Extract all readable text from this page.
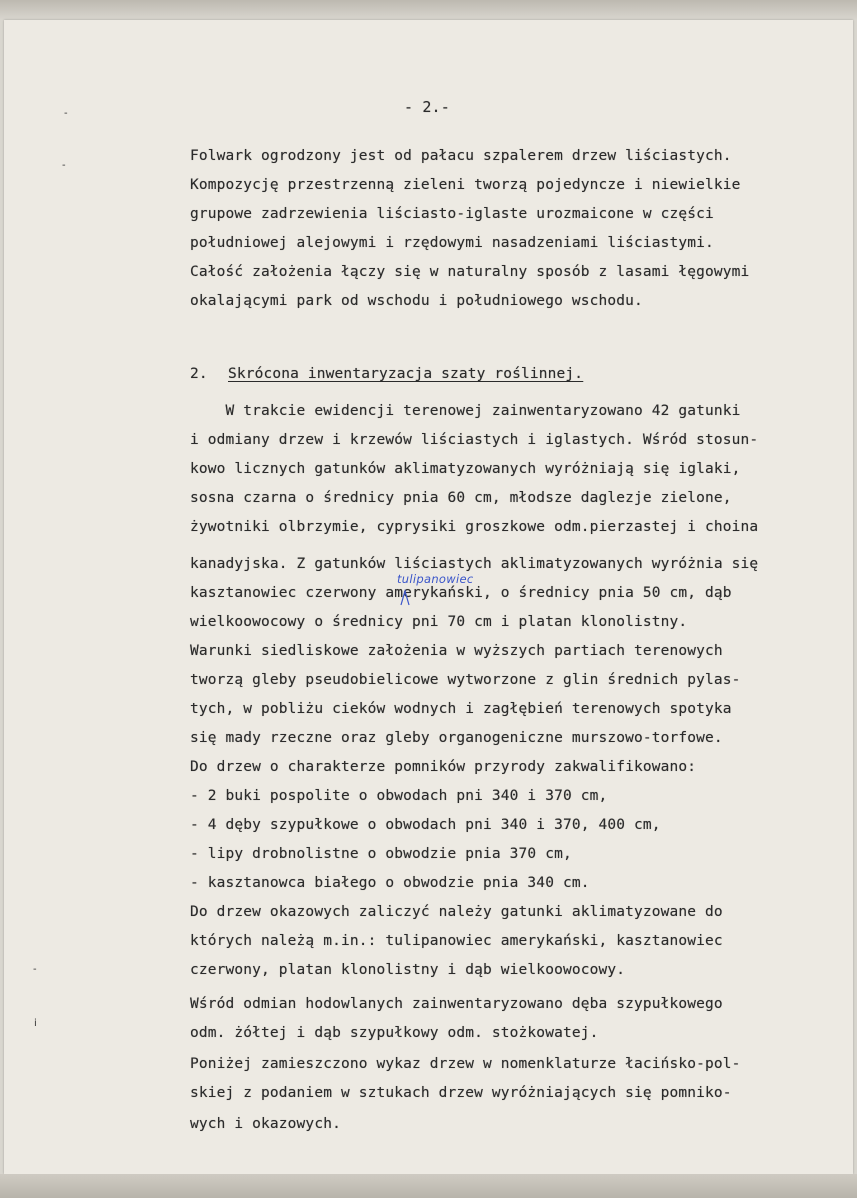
-
-
-
i
- 2.-
Folwark ogrodzony jest od pałacu szpalerem drzew liściastych.
Kompozycję przestrzenną zieleni tworzą pojedyncze i niewielkie
grupowe zadrzewienia liściasto-iglaste urozmaicone w części
południowej alejowymi i rzędowymi nasadzeniami liściastymi.
Całość założenia łączy się w naturalny sposób z lasami łęgowymi
okalającymi park od wschodu i południowego wschodu.
2. Skrócona inwentaryzacja szaty roślinnej.
W trakcie ewidencji terenowej zainwentaryzowano 42 gatunki
i odmiany drzew i krzewów liściastych i iglastych. Wśród stosun-
kowo licznych gatunków aklimatyzowanych wyróżniają się iglaki,
sosna czarna o średnicy pnia 60 cm, młodsze daglezje zielone,
żywotniki olbrzymie, cyprysiki groszkowe odm.pierzastej i choina
kanadyjska. Z gatunków liściastych aklimatyzowanych wyróżnia się
kasztanowiec czerwony amerykański, o średnicy pnia 50 cm, dąb
wielkoowocowy o średnicy pni 70 cm i platan klonolistny.
Warunki siedliskowe założenia w wyższych partiach terenowych
tworzą gleby pseudobielicowe wytworzone z glin średnich pylas-
tych, w pobliżu cieków wodnych i zagłębień terenowych spotyka
się mady rzeczne oraz gleby organogeniczne murszowo-torfowe.
Do drzew o charakterze pomników przyrody zakwalifikowano:
- 2 buki pospolite o obwodach pni 340 i 370 cm,
- 4 dęby szypułkowe o obwodach pni 340 i 370, 400 cm,
- lipy drobnolistne o obwodzie pnia 370 cm,
- kasztanowca białego o obwodzie pnia 340 cm.
Do drzew okazowych zaliczyć należy gatunki aklimatyzowane do
których należą m.in.: tulipanowiec amerykański, kasztanowiec
czerwony, platan klonolistny i dąb wielkoowocowy.
Wśród odmian hodowlanych zainwentaryzowano dęba szypułkowego
odm. żółtej i dąb szypułkowy odm. stożkowatej.
Poniżej zamieszczono wykaz drzew w nomenklaturze łacińsko-pol-
skiej z podaniem w sztukach drzew wyróżniających się pomniko-
wych i okazowych.
tulipanowiec
